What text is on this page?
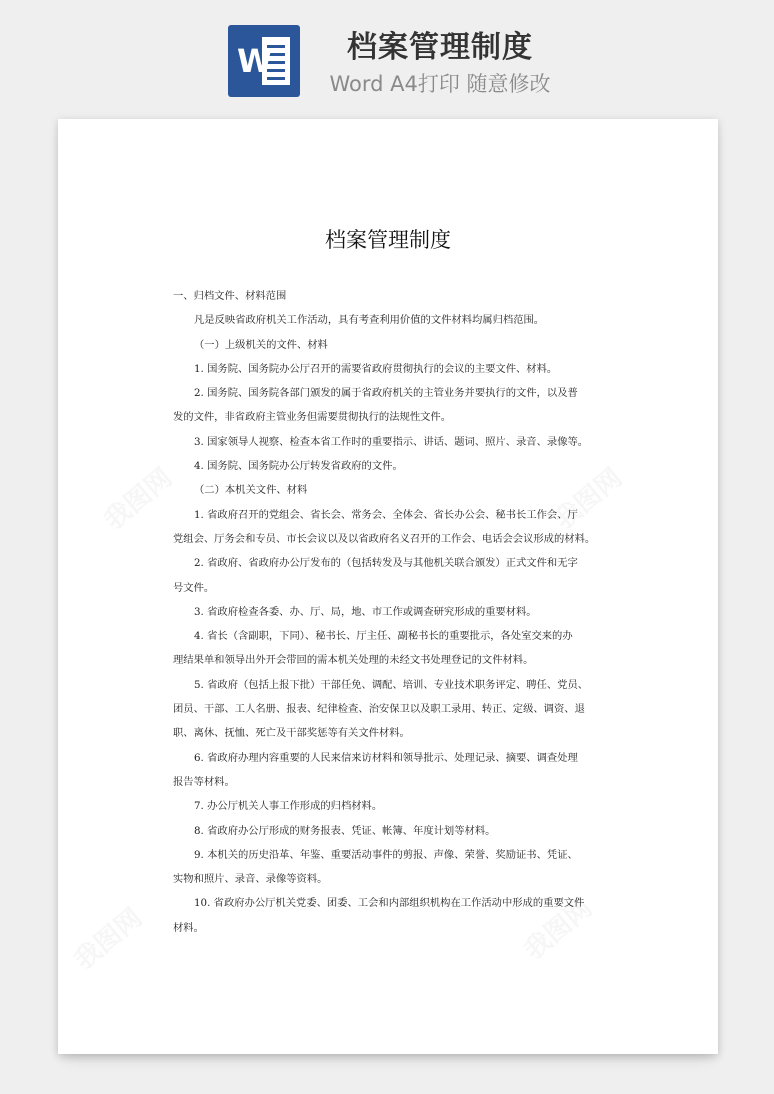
W	档案管理制度
Word A4打印 随意修改
我图网	我图网
我图网	我图网
档案管理制度

一、归档文件、材料范围

凡是反映省政府机关工作活动，具有考查利用价值的文件材料均属归档范围。

（一）上级机关的文件、材料

1. 国务院、国务院办公厅召开的需要省政府贯彻执行的会议的主要文件、材料。

2. 国务院、国务院各部门颁发的属于省政府机关的主管业务并要执行的文件，以及普

发的文件，非省政府主管业务但需要贯彻执行的法规性文件。

3. 国家领导人视察、检查本省工作时的重要指示、讲话、题词、照片、录音、录像等。

4. 国务院、国务院办公厅转发省政府的文件。

（二）本机关文件、材料

1. 省政府召开的党组会、省长会、常务会、全体会、省长办公会、秘书长工作会、厅

党组会、厅务会和专员、市长会议以及以省政府名义召开的工作会、电话会会议形成的材料。

2. 省政府、省政府办公厅发布的（包括转发及与其他机关联合颁发）正式文件和无字

号文件。

3. 省政府检查各委、办、厅、局，地、市工作或调查研究形成的重要材料。

4. 省长（含副职，下同）、秘书长、厅主任、副秘书长的重要批示，各处室交来的办

理结果单和领导出外开会带回的需本机关处理的未经文书处理登记的文件材料。

5. 省政府（包括上报下批）干部任免、调配、培训、专业技术职务评定、聘任、党员、

团员、干部、工人名册、报表、纪律检查、治安保卫以及职工录用、转正、定级、调资、退

职、离休、抚恤、死亡及干部奖惩等有关文件材料。

6. 省政府办理内容重要的人民来信来访材料和领导批示、处理记录、摘要、调查处理

报告等材料。

7. 办公厅机关人事工作形成的归档材料。

8. 省政府办公厅形成的财务报表、凭证、帐簿、年度计划等材料。

9. 本机关的历史沿革、年鉴、重要活动事件的剪报、声像、荣誉、奖励证书、凭证、

实物和照片、录音、录像等资料。

10. 省政府办公厅机关党委、团委、工会和内部组织机构在工作活动中形成的重要文件

材料。
